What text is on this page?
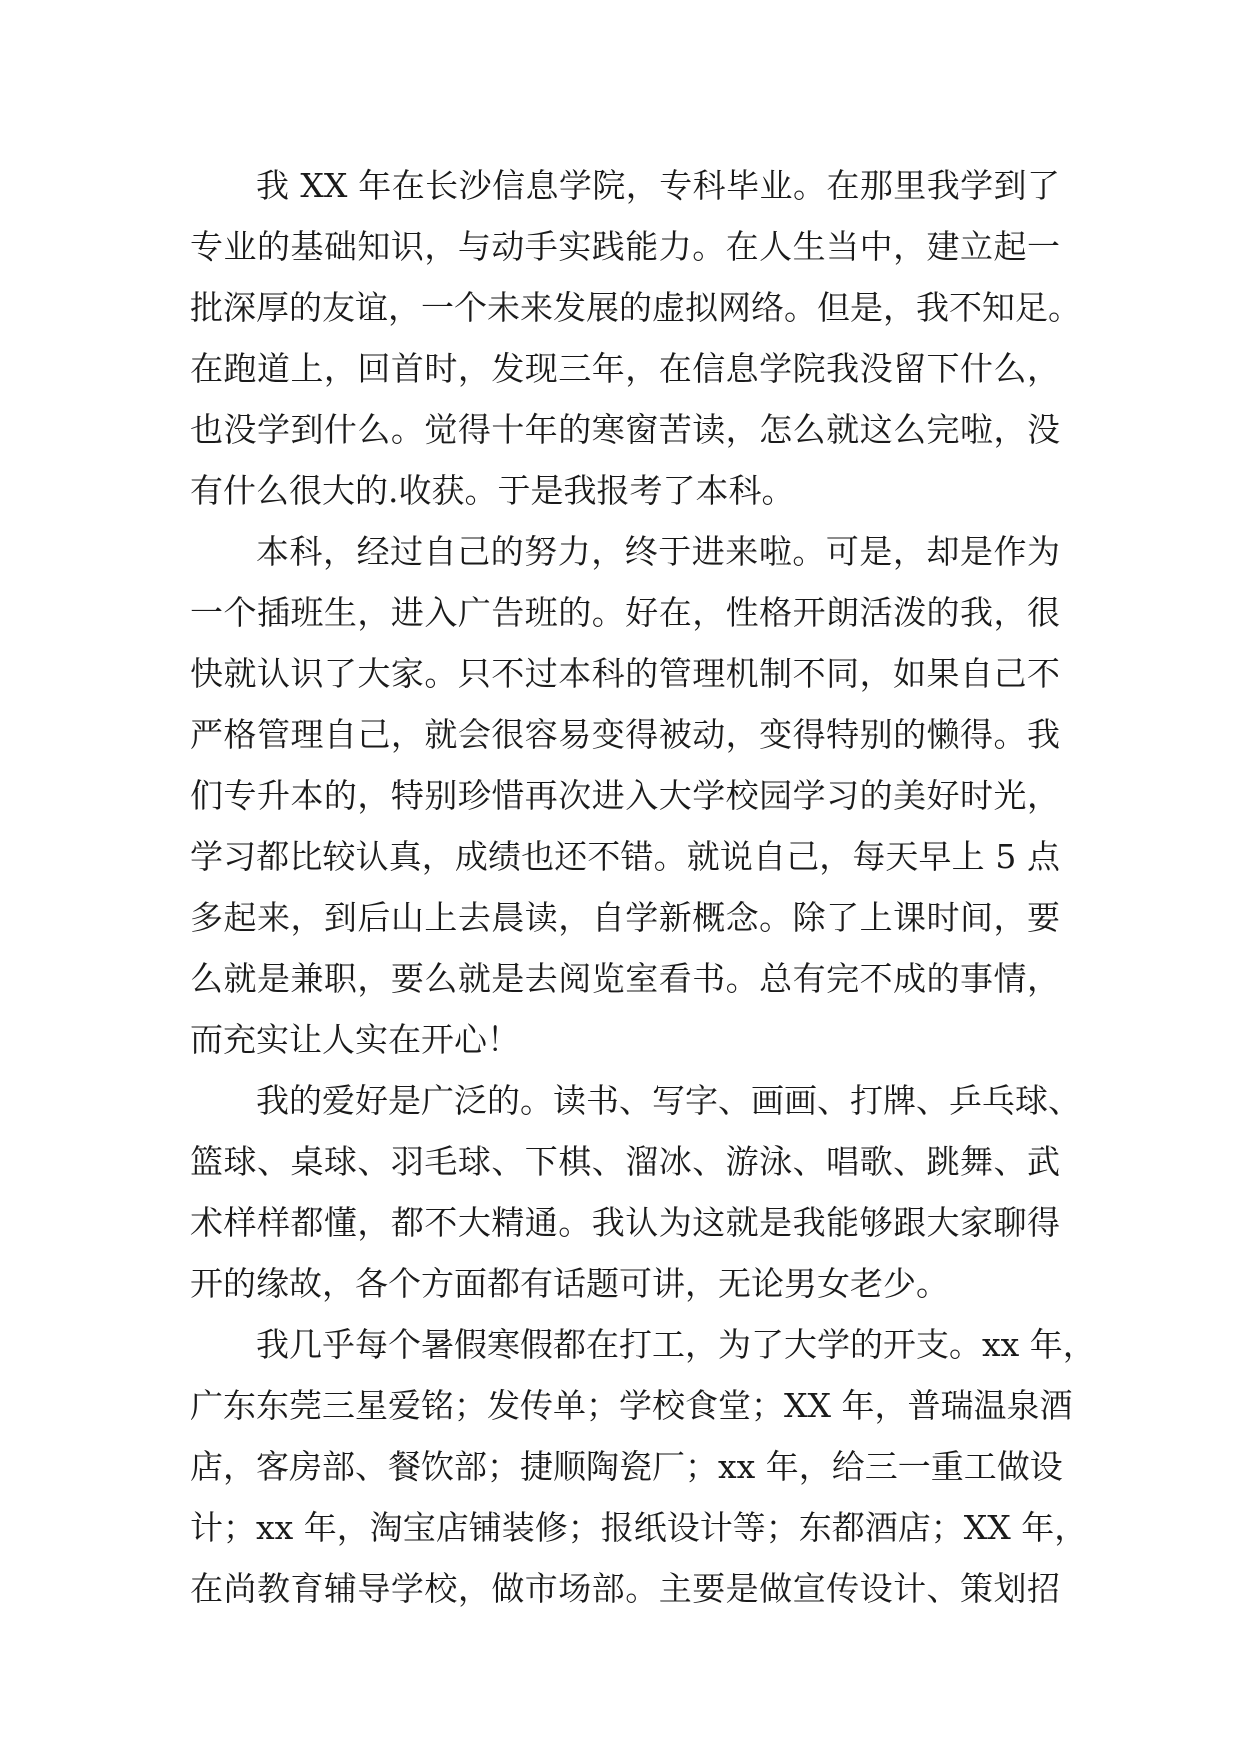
我 XX 年在长沙信息学院，专科毕业。在那里我学到了
专业的基础知识，与动手实践能力。在人生当中，建立起一
批深厚的友谊，一个未来发展的虚拟网络。但是，我不知足。
在跑道上，回首时，发现三年，在信息学院我没留下什么，
也没学到什么。觉得十年的寒窗苦读，怎么就这么完啦，没
有什么很大的.收获。于是我报考了本科。
本科，经过自己的努力，终于进来啦。可是，却是作为
一个插班生，进入广告班的。好在，性格开朗活泼的我，很
快就认识了大家。只不过本科的管理机制不同，如果自己不
严格管理自己，就会很容易变得被动，变得特别的懒得。我
们专升本的，特别珍惜再次进入大学校园学习的美好时光，
学习都比较认真，成绩也还不错。就说自己，每天早上 5 点
多起来，到后山上去晨读，自学新概念。除了上课时间，要
么就是兼职，要么就是去阅览室看书。总有完不成的事情，
而充实让人实在开心！
我的爱好是广泛的。读书、写字、画画、打牌、乒乓球、
篮球、桌球、羽毛球、下棋、溜冰、游泳、唱歌、跳舞、武
术样样都懂，都不大精通。我认为这就是我能够跟大家聊得
开的缘故，各个方面都有话题可讲，无论男女老少。
我几乎每个暑假寒假都在打工，为了大学的开支。xx 年，
广东东莞三星爱铭；发传单；学校食堂；XX 年，普瑞温泉酒
店，客房部、餐饮部；捷顺陶瓷厂；xx 年，给三一重工做设
计；xx 年，淘宝店铺装修；报纸设计等；东都酒店；XX 年，
在尚教育辅导学校，做市场部。主要是做宣传设计、策划招
